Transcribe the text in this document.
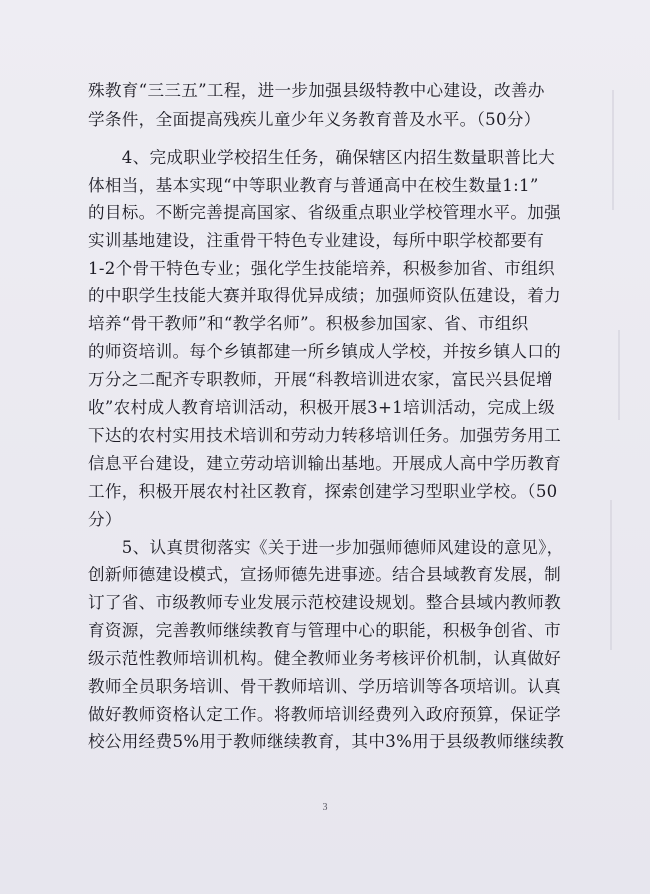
殊教育“三三五”工程，进一步加强县级特教中心建设，改善办
学条件，全面提高残疾儿童少年义务教育普及水平。（50分）
　　4、完成职业学校招生任务，确保辖区内招生数量职普比大
体相当，基本实现“中等职业教育与普通高中在校生数量1:1”
的目标。不断完善提高国家、省级重点职业学校管理水平。加强
实训基地建设，注重骨干特色专业建设，每所中职学校都要有
1-2个骨干特色专业；强化学生技能培养，积极参加省、市组织
的中职学生技能大赛并取得优异成绩；加强师资队伍建设，着力
培养“骨干教师”和“教学名师”。积极参加国家、省、市组织
的师资培训。每个乡镇都建一所乡镇成人学校，并按乡镇人口的
万分之二配齐专职教师，开展“科教培训进农家，富民兴县促增
收”农村成人教育培训活动，积极开展3+1培训活动，完成上级
下达的农村实用技术培训和劳动力转移培训任务。加强劳务用工
信息平台建设，建立劳动培训输出基地。开展成人高中学历教育
工作，积极开展农村社区教育，探索创建学习型职业学校。（50
分）
　　5、认真贯彻落实《关于进一步加强师德师风建设的意见》，
创新师德建设模式，宣扬师德先进事迹。结合县域教育发展，制
订了省、市级教师专业发展示范校建设规划。整合县域内教师教
育资源，完善教师继续教育与管理中心的职能，积极争创省、市
级示范性教师培训机构。健全教师业务考核评价机制，认真做好
教师全员职务培训、骨干教师培训、学历培训等各项培训。认真
做好教师资格认定工作。将教师培训经费列入政府预算，保证学
校公用经费5%用于教师继续教育，其中3%用于县级教师继续教
3
